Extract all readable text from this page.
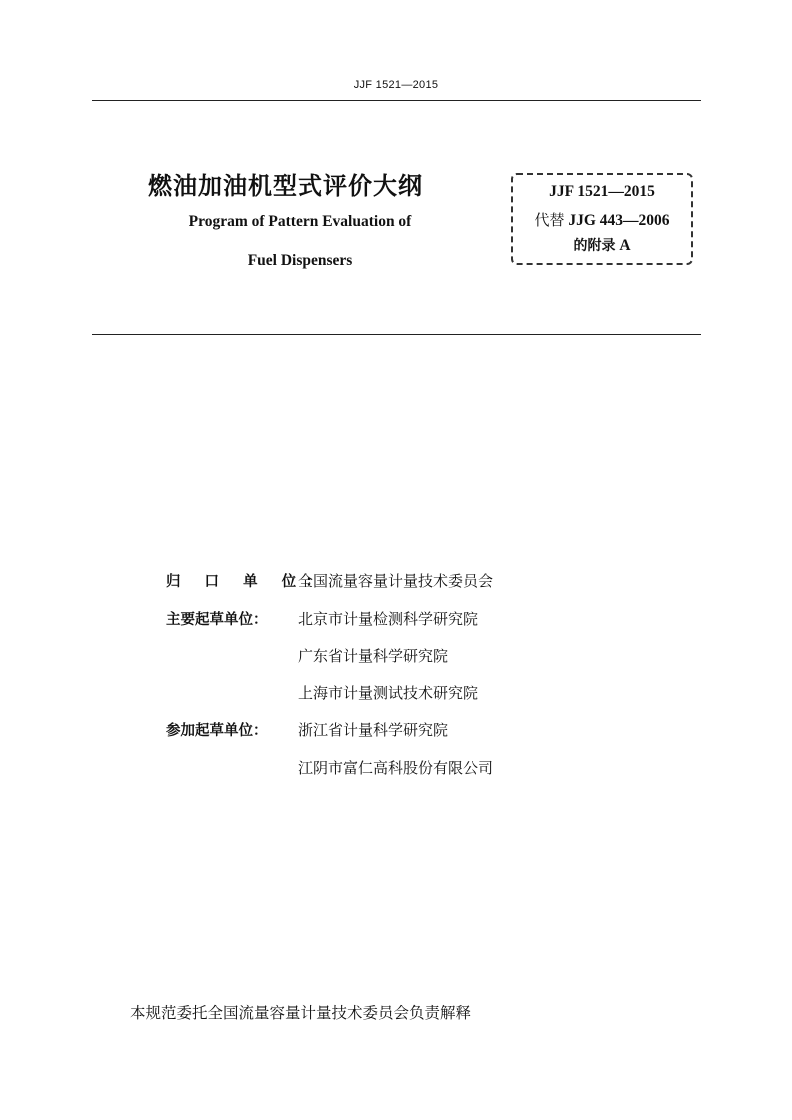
JJF 1521—2015
燃油加油机型式评价大纲
Program of Pattern Evaluation of
Fuel Dispensers
JJF 1521—2015
代替 JJG 443—2006
的附录 A
归 口 单 位：
全国流量容量计量技术委员会
主要起草单位：	北京市计量检测科学研究院
广东省计量科学研究院
上海市计量测试技术研究院
参加起草单位：	浙江省计量科学研究院
江阴市富仁高科股份有限公司
本规范委托全国流量容量计量技术委员会负责解释
